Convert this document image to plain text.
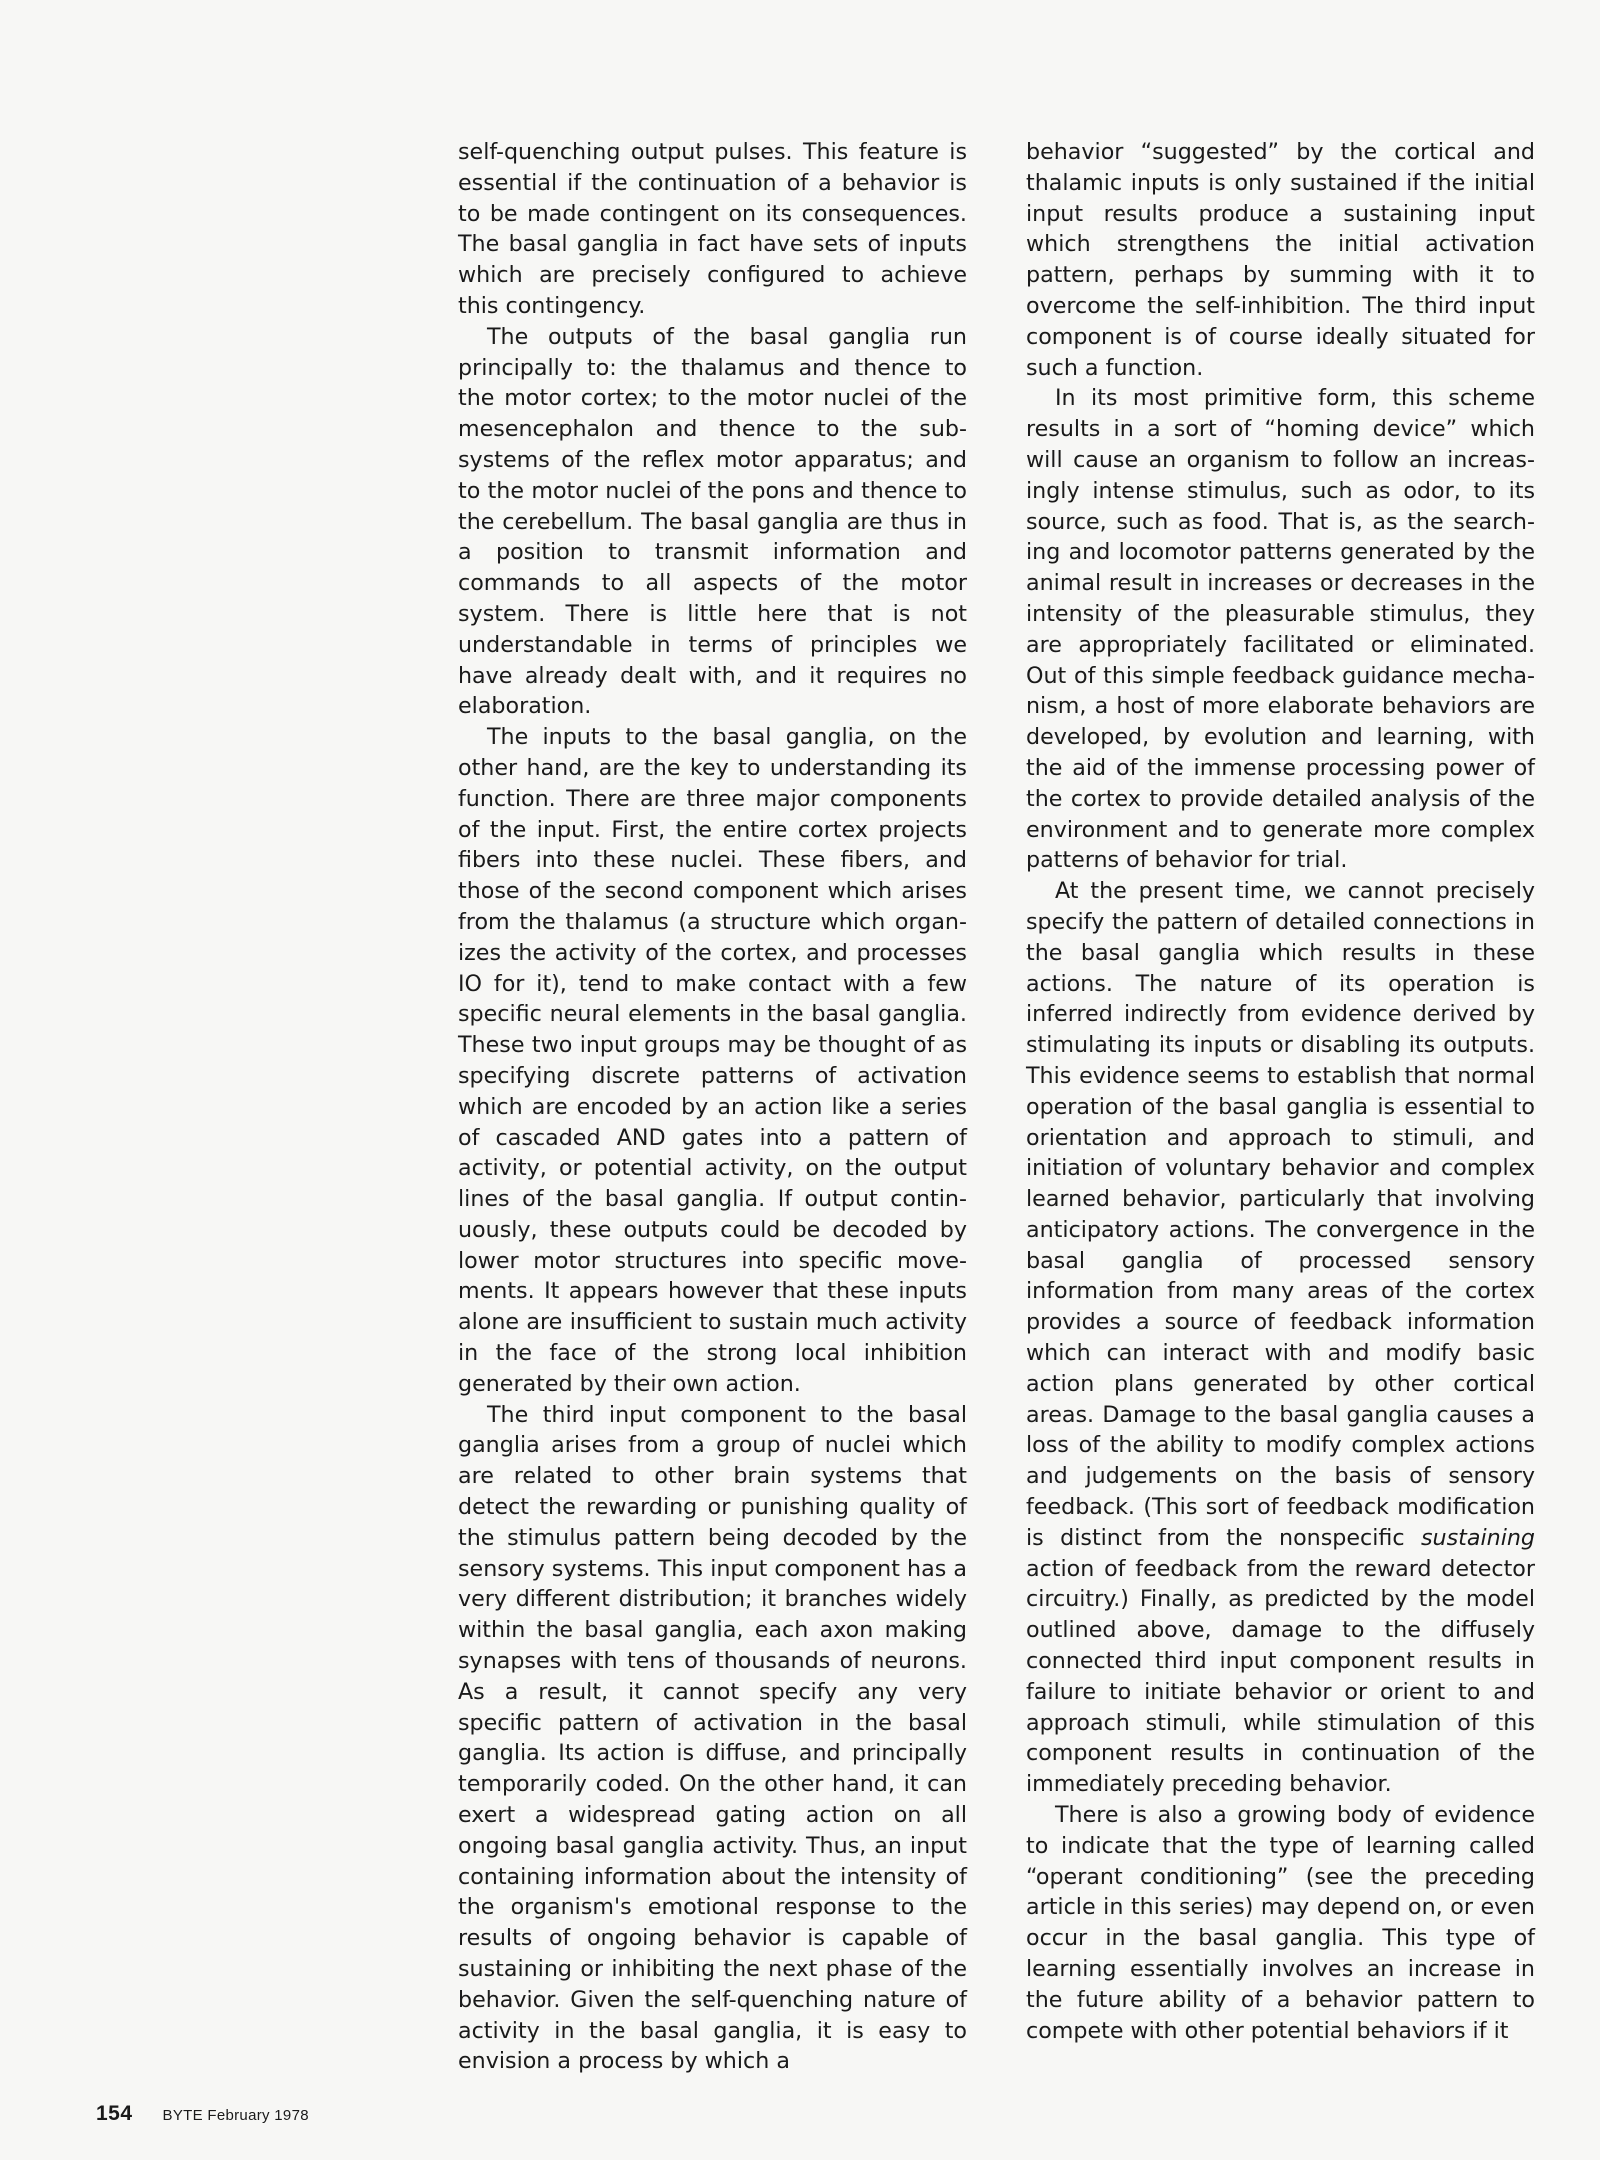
self-quenching output pulses. This feature is essential if the continuation of a behavior is to be made contingent on its consequences. The basal ganglia in fact have sets of inputs which are precisely configured to achieve this contingency.

The outputs of the basal ganglia run principally to: the thalamus and thence to the motor cortex; to the motor nuclei of the mesencephalon and thence to the subsystems of the reflex motor apparatus; and to the motor nuclei of the pons and thence to the cerebellum. The basal ganglia are thus in a position to transmit information and commands to all aspects of the motor system. There is little here that is not understandable in terms of principles we have already dealt with, and it requires no elaboration.

The inputs to the basal ganglia, on the other hand, are the key to understanding its function. There are three major components of the input. First, the entire cortex projects fibers into these nuclei. These fibers, and those of the second component which arises from the thalamus (a structure which organizes the activity of the cortex, and processes IO for it), tend to make contact with a few specific neural elements in the basal ganglia. These two input groups may be thought of as specifying discrete patterns of activation which are encoded by an action like a series of cascaded AND gates into a pattern of activity, or potential activity, on the output lines of the basal ganglia. If output continuously, these outputs could be decoded by lower motor structures into specific movements. It appears however that these inputs alone are insufficient to sustain much activity in the face of the strong local inhibition generated by their own action.

The third input component to the basal ganglia arises from a group of nuclei which are related to other brain systems that detect the rewarding or punishing quality of the stimulus pattern being decoded by the sensory systems. This input component has a very different distribution; it branches widely within the basal ganglia, each axon making synapses with tens of thousands of neurons. As a result, it cannot specify any very specific pattern of activation in the basal ganglia. Its action is diffuse, and principally temporarily coded. On the other hand, it can exert a widespread gating action on all ongoing basal ganglia activity. Thus, an input containing information about the intensity of the organism's emotional response to the results of ongoing behavior is capable of sustaining or inhibiting the next phase of the behavior. Given the self-quenching nature of activity in the basal ganglia, it is easy to envision a process by which a

behavior “suggested” by the cortical and thalamic inputs is only sustained if the initial input results produce a sustaining input which strengthens the initial activation pattern, perhaps by summing with it to overcome the self-inhibition. The third input component is of course ideally situated for such a function.

In its most primitive form, this scheme results in a sort of “homing device” which will cause an organism to follow an increasingly intense stimulus, such as odor, to its source, such as food. That is, as the searching and locomotor patterns generated by the animal result in increases or decreases in the intensity of the pleasurable stimulus, they are appropriately facilitated or eliminated. Out of this simple feedback guidance mechanism, a host of more elaborate behaviors are developed, by evolution and learning, with the aid of the immense processing power of the cortex to provide detailed analysis of the environment and to generate more complex patterns of behavior for trial.

At the present time, we cannot precisely specify the pattern of detailed connections in the basal ganglia which results in these actions. The nature of its operation is inferred indirectly from evidence derived by stimulating its inputs or disabling its outputs. This evidence seems to establish that normal operation of the basal ganglia is essential to orientation and approach to stimuli, and initiation of voluntary behavior and complex learned behavior, particularly that involving anticipatory actions. The convergence in the basal ganglia of processed sensory information from many areas of the cortex provides a source of feedback information which can interact with and modify basic action plans generated by other cortical areas. Damage to the basal ganglia causes a loss of the ability to modify complex actions and judgements on the basis of sensory feedback. (This sort of feedback modification is distinct from the nonspecific sustaining action of feedback from the reward detector circuitry.) Finally, as predicted by the model outlined above, damage to the diffusely connected third input component results in failure to initiate behavior or orient to and approach stimuli, while stimulation of this component results in continuation of the immediately preceding behavior.

There is also a growing body of evidence to indicate that the type of learning called “operant conditioning” (see the preceding article in this series) may depend on, or even occur in the basal ganglia. This type of learning essentially involves an increase in the future ability of a behavior pattern to compete with other potential behaviors if it

154 BYTE February 1978
